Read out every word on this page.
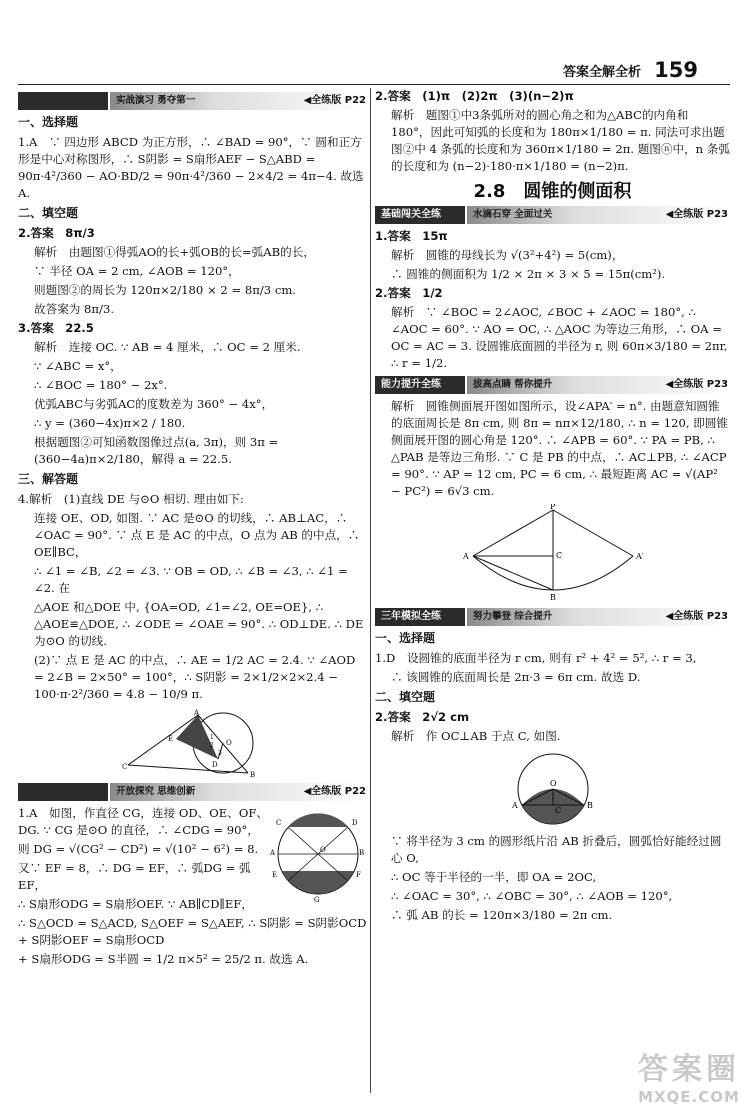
答案全解全析 159
实战演习 勇夺第一	◀全练版 P22
一、选择题

1.A　∵ 四边形 ABCD 为正方形，∴ ∠BAD = 90°，∵ 圆和正方形是中心对称图形，∴ S阴影 = S扇形AEF − S△ABD = 90π·4²/360 − AO·BD/2 = 90π·4²/360 − 2×4/2 = 4π−4. 故选 A.

二、填空题

2.答案　8π/3

解析　由题图①得弧AO的长+弧OB的长=弧AB的长，

∵ 半径 OA = 2 cm, ∠AOB = 120°，

则题图②的周长为 120π×2/180 × 2 = 8π/3 cm.

故答案为 8π/3.

3.答案　22.5

解析　连接 OC. ∵ AB = 4 厘米，∴ OC = 2 厘米.

∵ ∠ABC = x°，

∴ ∠BOC = 180° − 2x°.

优弧ABC与劣弧AC的度数差为 360° − 4x°，

∴ y = (360−4x)π×2 / 180.

根据题图②可知函数图像过点(a, 3π)，则 3π = (360−4a)π×2/180，解得 a = 22.5.

三、解答题

4.解析　(1)直线 DE 与⊙O 相切. 理由如下:

连接 OE、OD, 如图. ∵ AC 是⊙O 的切线，∴ AB⊥AC，∴ ∠OAC = 90°. ∵ 点 E 是 AC 的中点，O 点为 AB 的中点，∴ OE∥BC，

∴ ∠1 = ∠B, ∠2 = ∠3. ∵ OB = OD, ∴ ∠B = ∠3, ∴ ∠1 = ∠2. 在

△AOE 和△DOE 中, {OA=OD, ∠1=∠2, OE=OE}, ∴ △AOE≌△DOE, ∴ ∠ODE = ∠OAE = 90°. ∴ OD⊥DE. ∴ DE 为⊙O 的切线.

(2)∵ 点 E 是 AC 的中点，∴ AE = 1/2 AC = 2.4. ∵ ∠AOD = 2∠B = 2×50° = 100°，∴ S阴影 = 2×1/2×2×2.4 − 100·π·2²/360 = 4.8 − 10/9 π.

A
E
D
C
B
O
1
2
3
开放探究 思维创新	◀全练版 P22
C	D
E	F
G
A	B
O

1.A　如图，作直径 CG，连接 OD、OE、OF、DG. ∵ CG 是⊙O 的直径，∴ ∠CDG = 90°，

则 DG = √(CG² − CD²) = √(10² − 6²) = 8.

又∵ EF = 8，∴ DG = EF，∴ 弧DG = 弧EF，

∴ S扇形ODG = S扇形OEF. ∵ AB∥CD∥EF，

∴ S△OCD = S△ACD, S△OEF = S△AEF, ∴ S阴影 = S阴影OCD + S阴影OEF = S扇形OCD

+ S扇形ODG = S半圆 = 1/2 π×5² = 25/2 π. 故选 A.

2.答案　(1)π　(2)2π　(3)(n−2)π

解析　题图①中3条弧所对的圆心角之和为△ABC的内角和 180°，因此可知弧的长度和为 180π×1/180 = π. 同法可求出题图②中 4 条弧的长度和为 360π×1/180 = 2π. 题图ⓝ中，n 条弧的长度和为 (n−2)·180·π×1/180 = (n−2)π.

2.8　圆锥的侧面积
基础闯关全练	水滴石穿 全面过关	◀全练版 P23

1.答案　15π

解析　圆锥的母线长为 √(3²+4²) = 5(cm)，

∴ 圆锥的侧面积为 1/2 × 2π × 3 × 5 = 15π(cm²).

2.答案　1/2

解析　∵ ∠BOC = 2∠AOC, ∠BOC + ∠AOC = 180°, ∴ ∠AOC = 60°. ∵ AO = OC, ∴ △AOC 为等边三角形，∴ OA = OC = AC = 3. 设圆锥底面圆的半径为 r, 则 60π×3/180 = 2πr, ∴ r = 1/2.

能力提升全练	拔高点睛 帮你提升	◀全练版 P23

解析　圆锥侧面展开图如图所示，设∠APA′ = n°. 由题意知圆锥的底面周长是 8π cm, 则 8π = nπ×12/180, ∴ n = 120, 即圆锥侧面展开图的圆心角是 120°. ∴ ∠APB = 60°. ∵ PA = PB, ∴ △PAB 是等边三角形. ∵ C 是 PB 的中点，∴ AC⊥PB, ∴ ∠ACP = 90°. ∵ AP = 12 cm, PC = 6 cm, ∴ 最短距离 AC = √(AP² − PC²) = 6√3 cm.

P
A	C	A′
B
三年模拟全练	努力攀登 综合提升	◀全练版 P23
一、选择题

1.D　设圆锥的底面半径为 r cm, 则有 r² + 4² = 5², ∴ r = 3,

∴ 该圆锥的底面周长是 2π·3 = 6π cm. 故选 D.

二、填空题

2.答案　2√2 cm

解析　作 OC⊥AB 于点 C, 如图.

O
A
C
B

∵ 将半径为 3 cm 的圆形纸片沿 AB 折叠后，圆弧恰好能经过圆心 O,

∴ OC 等于半径的一半，即 OA = 2OC,

∴ ∠OAC = 30°, ∴ ∠OBC = 30°, ∴ ∠AOB = 120°,

∴ 弧 AB 的长 = 120π×3/180 = 2π cm.

答案圈
MXQE.COM
